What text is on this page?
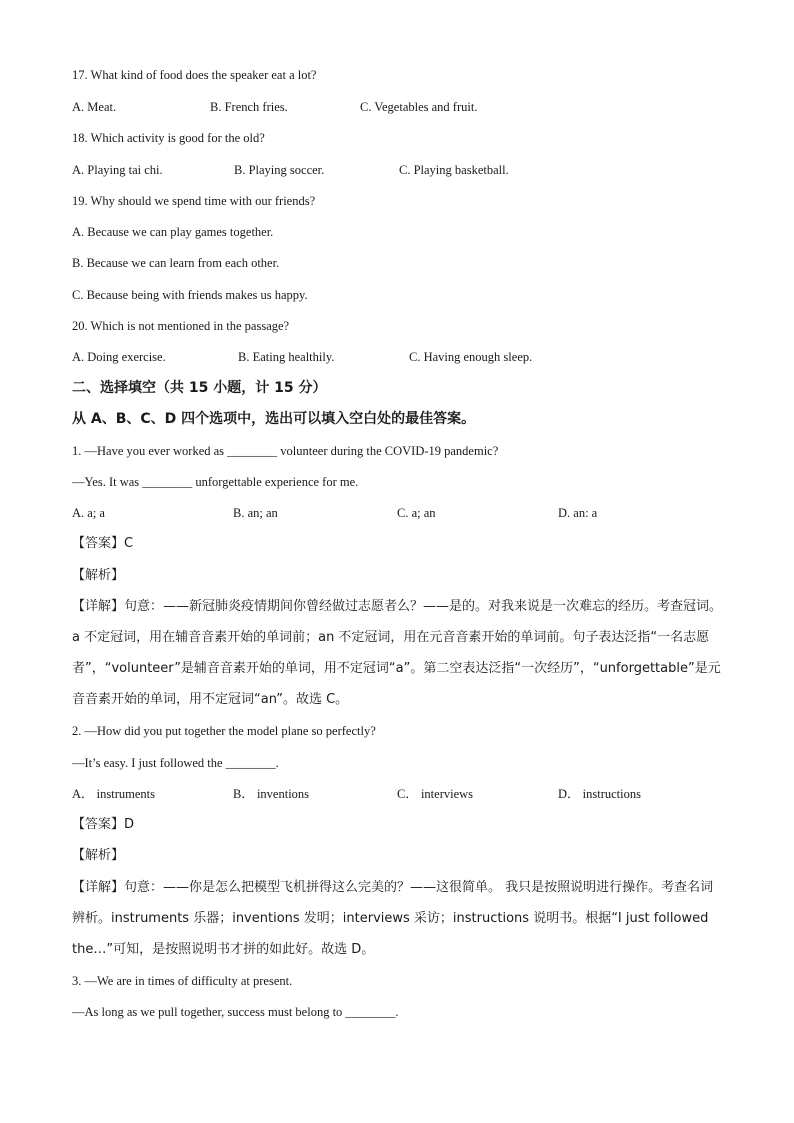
17. What kind of food does the speaker eat a lot?
A. Meat.	B. French fries.	C. Vegetables and fruit.
18. Which activity is good for the old?
A. Playing tai chi.	B. Playing soccer.	C. Playing basketball.
19. Why should we spend time with our friends?
A. Because we can play games together.
B. Because we can learn from each other.
C. Because being with friends makes us happy.
20. Which is not mentioned in the passage?
A. Doing exercise.	B. Eating healthily.	C. Having enough sleep.
二、选择填空（共 15 小题，计 15 分）
从 A、B、C、D 四个选项中，选出可以填入空白处的最佳答案。
1. —Have you ever worked as ________ volunteer during the COVID-19 pandemic?
—Yes. It was ________ unforgettable experience for me.
A. a; a	B. an; an	C. a; an	D. an: a
【答案】C
【解析】
【详解】句意：——新冠肺炎疫情期间你曾经做过志愿者么？——是的。对我来说是一次难忘的经历。考查冠词。a 不定冠词，用在辅音音素开始的单词前；an 不定冠词，用在元音音素开始的单词前。句子表达泛指“一名志愿者”，“volunteer”是辅音音素开始的单词，用不定冠词“a”。第二空表达泛指“一次经历”，“unforgettable”是元音音素开始的单词，用不定冠词“an”。故选 C。
2. —How did you put together the model plane so perfectly?
—It’s easy. I just followed the ________.
A． instruments	B． inventions	C． interviews	D． instructions
【答案】D
【解析】
【详解】句意：——你是怎么把模型飞机拼得这么完美的？——这很简单。 我只是按照说明进行操作。考查名词辨析。instruments 乐器；inventions 发明；interviews 采访；instructions 说明书。根据“I just followed the…”可知，是按照说明书才拼的如此好。故选 D。
3. —We are in times of difficulty at present.
—As long as we pull together, success must belong to ________.
